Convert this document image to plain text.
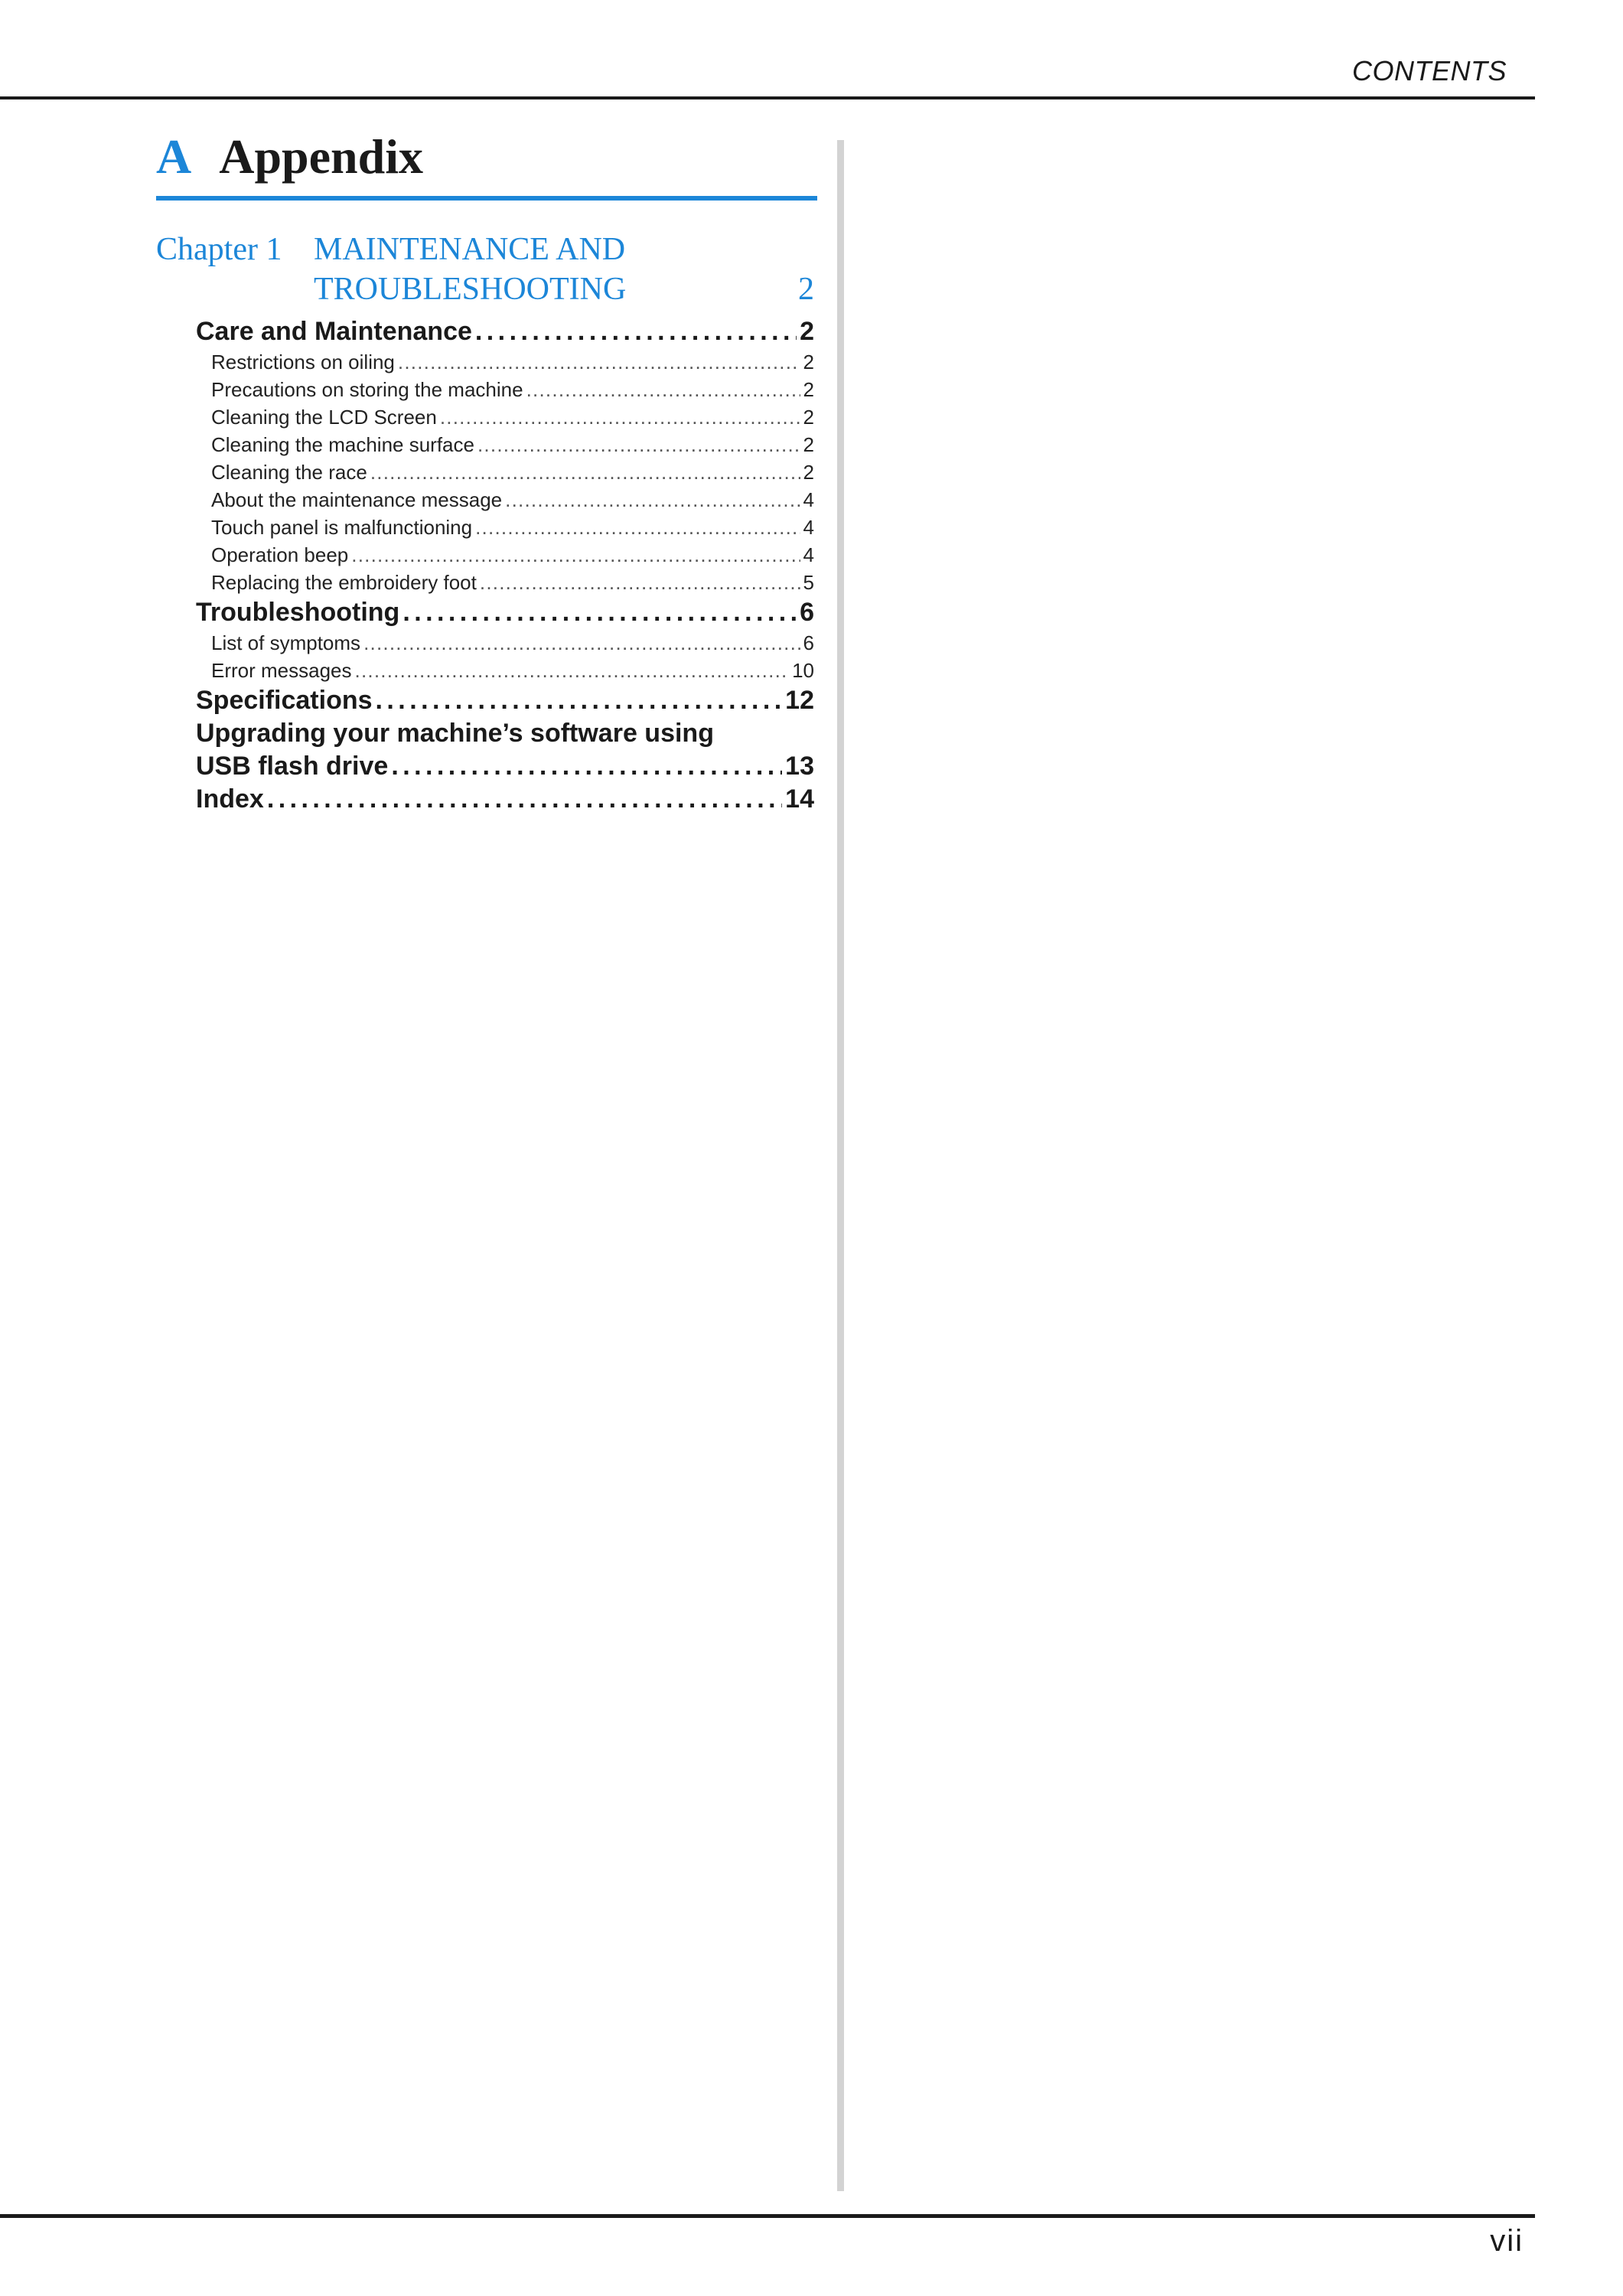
CONTENTS
A Appendix
Chapter 1 MAINTENANCE AND
TROUBLESHOOTING	2
Care and Maintenance . . .	2
Restrictions on oiling . . .	2
Precautions on storing the machine . . .	2
Cleaning the LCD Screen . . .	2
Cleaning the machine surface . . .	2
Cleaning the race . . .	2
About the maintenance message . . .	4
Touch panel is malfunctioning . . .	4
Operation beep . . .	4
Replacing the embroidery foot . . .	5
Troubleshooting . . .	6
List of symptoms . . .	6
Error messages . . .	10
Specifications . . .	12
Upgrading your machine’s software using
USB flash drive . . .	13
Index . . .	14
vii
